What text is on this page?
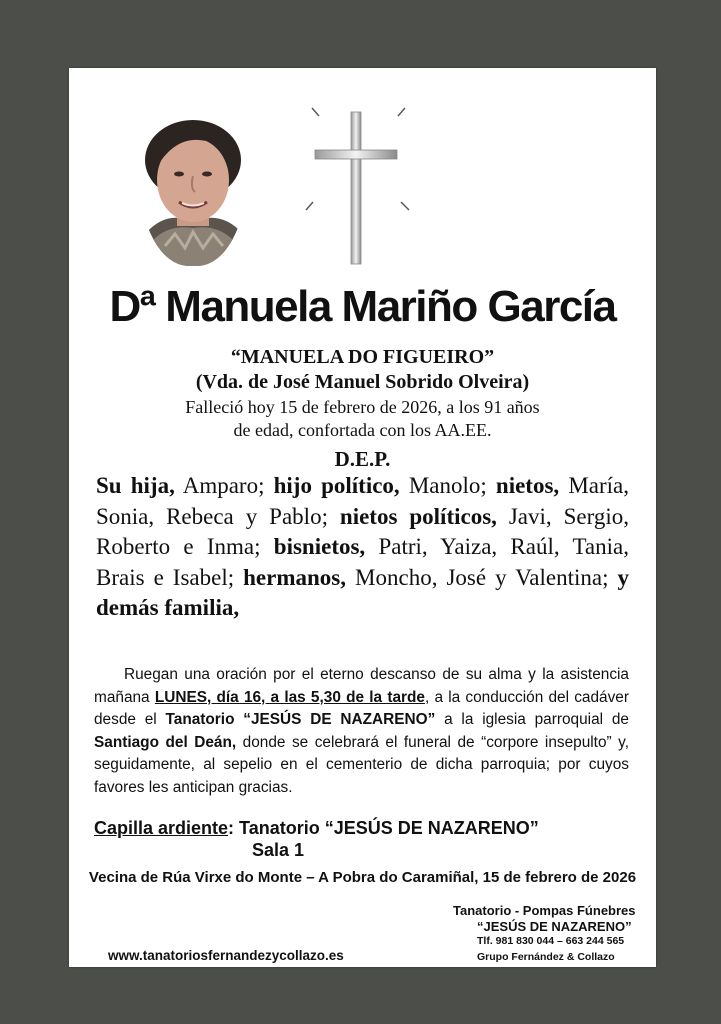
Dª Manuela Mariño García
“MANUELA DO FIGUEIRO”
(Vda. de José Manuel Sobrido Olveira)
Falleció hoy 15 de febrero de 2026, a los 91 años
de edad, confortada con los AA.EE.
D.E.P.
Su hija, Amparo; hijo político, Manolo; nietos, María, Sonia, Rebeca y Pablo; nietos políticos, Javi, Sergio, Roberto e Inma; bisnietos, Patri, Yaiza, Raúl, Tania, Brais e Isabel; hermanos, Moncho, José y Valentina; y demás familia,
Ruegan una oración por el eterno descanso de su alma y la asistencia mañana LUNES, día 16, a las 5,30 de la tarde, a la conducción del cadáver desde el Tanatorio “JESÚS DE NAZARENO” a la iglesia parroquial de Santiago del Deán, donde se celebrará el funeral de “corpore insepulto” y, seguidamente, al sepelio en el cementerio de dicha parroquia; por cuyos favores les anticipan gracias.
Capilla ardiente: Tanatorio “JESÚS DE NAZARENO”
Sala 1
Vecina de Rúa Virxe do Monte – A Pobra do Caramiñal, 15 de febrero de 2026
www.tanatoriosfernandezycollazo.es
Tanatorio - Pompas Fúnebres
“JESÚS DE NAZARENO”
Tlf. 981 830 044 – 663 244 565
Grupo Fernández & Collazo
